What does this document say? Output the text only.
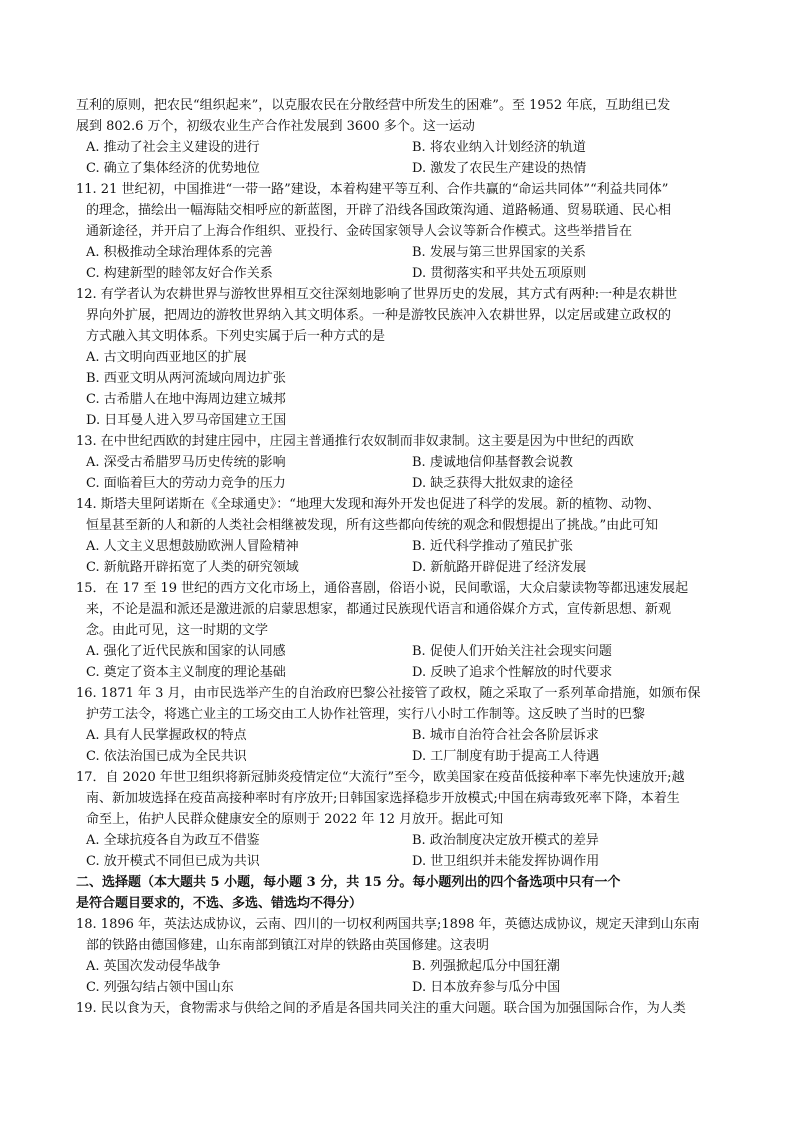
互利的原则，把农民“组织起来”，以克服农民在分散经营中所发生的困难”。至 1952 年底，互助组已发
展到 802.6 万个，初级农业生产合作社发展到 3600 多个。这一运动
A. 推动了社会主义建设的进行	B. 将农业纳入计划经济的轨道
C. 确立了集体经济的优势地位	D. 激发了农民生产建设的热情
11. 21 世纪初，中国推进“一带一路”建设，本着构建平等互利、合作共赢的“命运共同体”“利益共同体”
的理念，描绘出一幅海陆交相呼应的新蓝图，开辟了沿线各国政策沟通、道路畅通、贸易联通、民心相
通新途径，并开启了上海合作组织、亚投行、金砖国家领导人会议等新合作模式。这些举措旨在
A. 积极推动全球治理体系的完善	B. 发展与第三世界国家的关系
C. 构建新型的睦邻友好合作关系	D. 贯彻落实和平共处五项原则
12. 有学者认为农耕世界与游牧世界相互交往深刻地影响了世界历史的发展，其方式有两种:一种是农耕世
界向外扩展，把周边的游牧世界纳入其文明体系。一种是游牧民族冲入农耕世界，以定居或建立政权的
方式融入其文明体系。下列史实属于后一种方式的是
A. 古文明向西亚地区的扩展
B. 西亚文明从两河流域向周边扩张
C. 古希腊人在地中海周边建立城邦
D. 日耳曼人进入罗马帝国建立王国
13. 在中世纪西欧的封建庄园中，庄园主普通推行农奴制而非奴隶制。这主要是因为中世纪的西欧
A. 深受古希腊罗马历史传统的影响	B. 虔诚地信仰基督教会说教
C. 面临着巨大的劳动力竞争的压力	D. 缺乏获得大批奴隶的途径
14. 斯塔夫里阿诺斯在《全球通史》：“地理大发现和海外开发也促进了科学的发展。新的植物、动物、
恒星甚至新的人和新的人类社会相继被发现，所有这些都向传统的观念和假想提出了挑战。”由此可知
A. 人文主义思想鼓励欧洲人冒险精神	B. 近代科学推动了殖民扩张
C. 新航路开辟拓宽了人类的研究领域	D. 新航路开辟促进了经济发展
15．在 17 至 19 世纪的西方文化市场上，通俗喜剧，俗语小说，民间歌谣，大众启蒙读物等都迅速发展起
来，不论是温和派还是激进派的启蒙思想家，都通过民族现代语言和通俗媒介方式，宣传新思想、新观
念。由此可见，这一时期的文学
A. 强化了近代民族和国家的认同感	B. 促使人们开始关注社会现实问题
C. 奠定了资本主义制度的理论基础	D. 反映了追求个性解放的时代要求
16. 1871 年 3 月，由市民选举产生的自治政府巴黎公社接管了政权，随之采取了一系列革命措施，如颁布保
护劳工法令，将逃亡业主的工场交由工人协作社管理，实行八小时工作制等。这反映了当时的巴黎
A. 具有人民掌握政权的特点	B. 城市自治符合社会各阶层诉求
C. 依法治国已成为全民共识	D. 工厂制度有助于提高工人待遇
17．自 2020 年世卫组织将新冠肺炎疫情定位“大流行”至今，欧美国家在疫苗低接种率下率先快速放开;越
南、新加坡选择在疫苗高接种率时有序放开;日韩国家选择稳步开放模式;中国在病毒致死率下降，本着生
命至上，佑护人民群众健康安全的原则于 2022 年 12 月放开。据此可知
A. 全球抗疫各自为政互不借鉴	B. 政治制度决定放开模式的差异
C. 放开模式不同但已成为共识	D. 世卫组织并未能发挥协调作用
二、选择题（本大题共 5 小题，每小题 3 分，共 15 分。每小题列出的四个备选项中只有一个
是符合题目要求的，不选、多选、错选均不得分）
18. 1896 年，英法达成协议，云南、四川的一切权利两国共享;1898 年，英德达成协议，规定天津到山东南
部的铁路由德国修建，山东南部到镇江对岸的铁路由英国修建。这表明
A. 英国次发动侵华战争	B. 列强掀起瓜分中国狂潮
C. 列强勾结占领中国山东	D. 日本放弃参与瓜分中国
19. 民以食为天，食物需求与供给之间的矛盾是各国共同关注的重大问题。联合国为加强国际合作，为人类
